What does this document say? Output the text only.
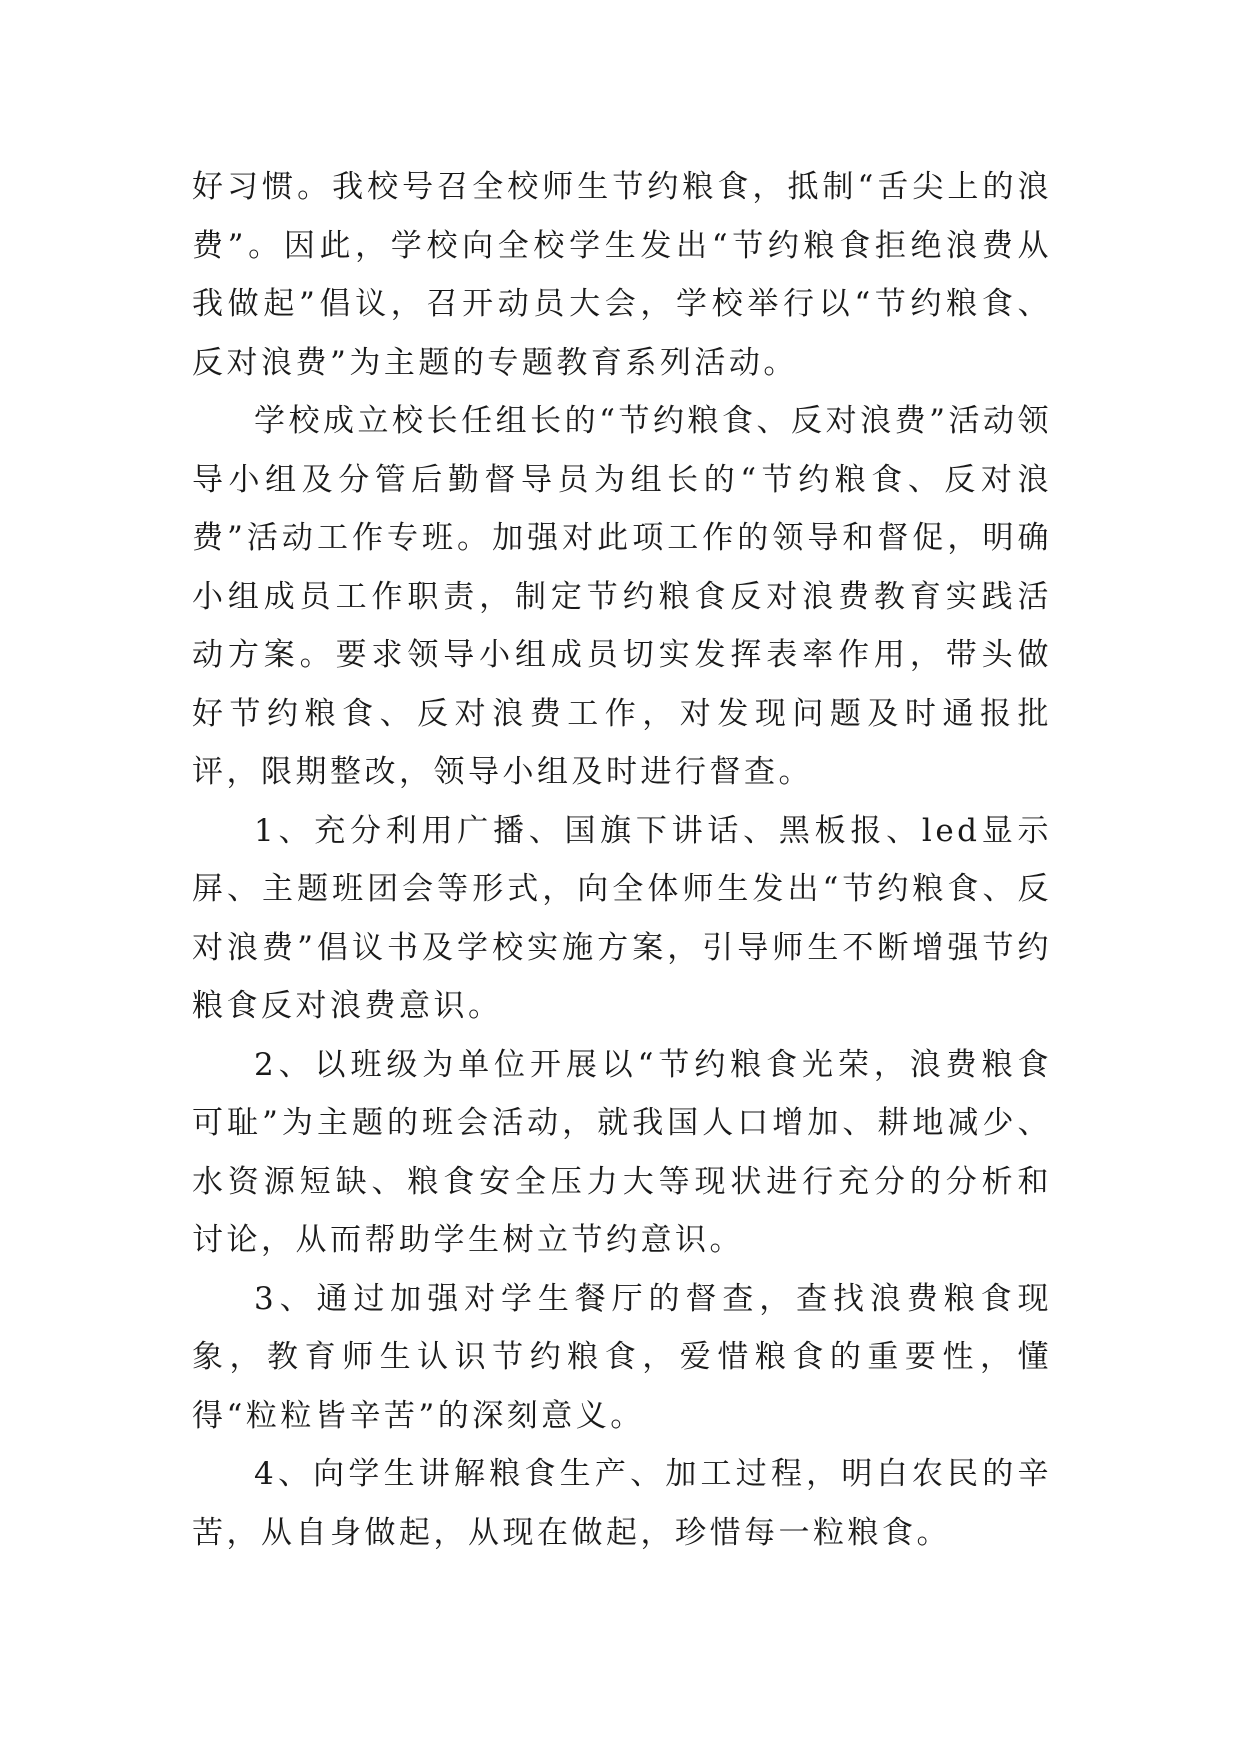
好习惯。我校号召全校师生节约粮食，抵制“舌尖上的浪费”。因此，学校向全校学生发出“节约粮食拒绝浪费从我做起”倡议，召开动员大会，学校举行以“节约粮食、反对浪费”为主题的专题教育系列活动。

学校成立校长任组长的“节约粮食、反对浪费”活动领导小组及分管后勤督导员为组长的“节约粮食、反对浪费”活动工作专班。加强对此项工作的领导和督促，明确小组成员工作职责，制定节约粮食反对浪费教育实践活动方案。要求领导小组成员切实发挥表率作用，带头做好节约粮食、反对浪费工作，对发现问题及时通报批评，限期整改，领导小组及时进行督查。

1、充分利用广播、国旗下讲话、黑板报、led显示屏、主题班团会等形式，向全体师生发出“节约粮食、反对浪费”倡议书及学校实施方案，引导师生不断增强节约粮食反对浪费意识。

2、以班级为单位开展以“节约粮食光荣，浪费粮食可耻”为主题的班会活动，就我国人口增加、耕地减少、水资源短缺、粮食安全压力大等现状进行充分的分析和讨论，从而帮助学生树立节约意识。

3、通过加强对学生餐厅的督查，查找浪费粮食现象，教育师生认识节约粮食，爱惜粮食的重要性，懂得“粒粒皆辛苦”的深刻意义。

4、向学生讲解粮食生产、加工过程，明白农民的辛苦，从自身做起，从现在做起，珍惜每一粒粮食。
